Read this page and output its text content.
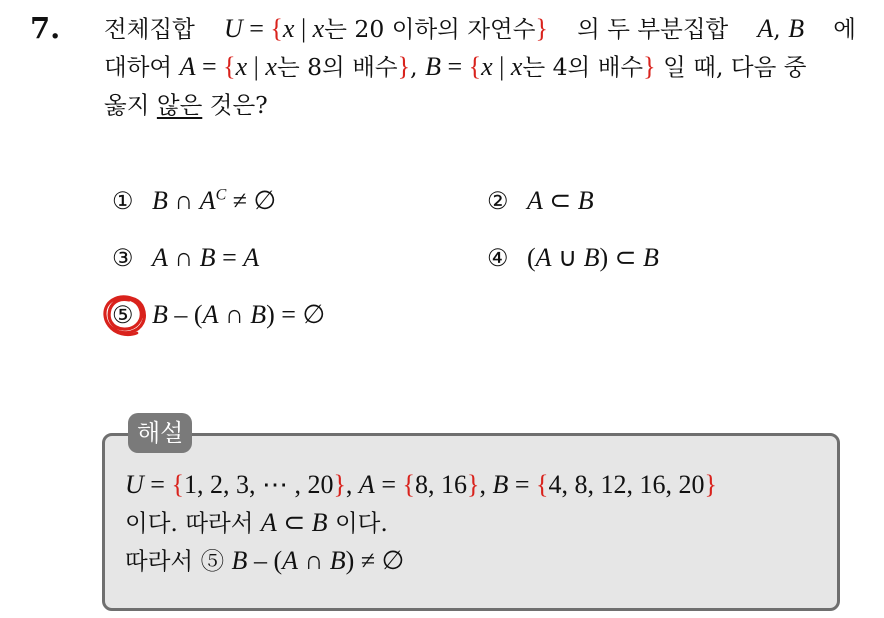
7. 전체집합 U = {x | x는 20 이하의 자연수} 의 두 부분집합 A, B 에
대하여 A = {x | x는 8의 배수}, B = {x | x는 4의 배수} 일 때, 다음 중
옳지 않은 것은?
① B ∩ $A^C$ ≠ ∅	② A ⊂ B
③ A ∩ B = A	④ (A ∪ B) ⊂ B
⑤ B – (A ∩ B) = ∅
해설
U = {1, 2, 3, ⋯ , 20}, A = {8, 16}, B = {4, 8, 12, 16, 20}
이다. 따라서 A ⊂ B 이다.
따라서 ⑤ B – (A ∩ B) ≠ ∅
